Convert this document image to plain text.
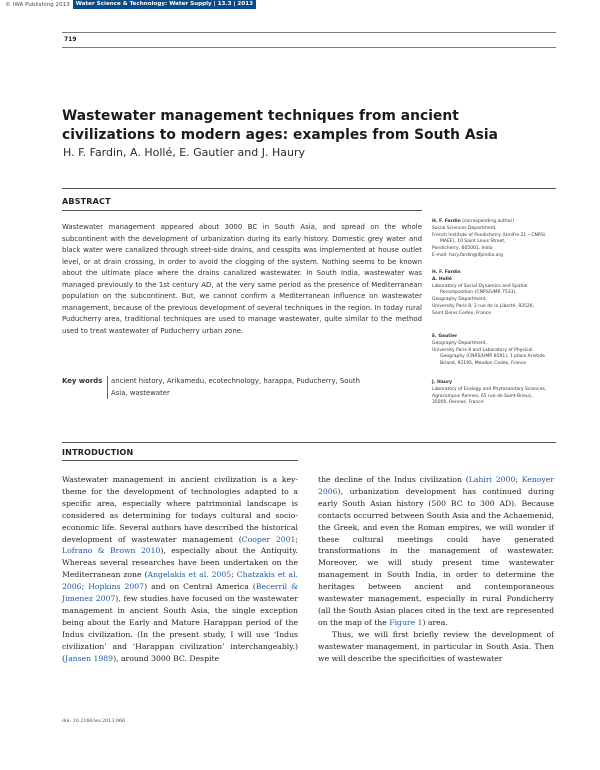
719
© IWA Publishing 2013	Water Science & Technology: Water Supply | 13.3 | 2013
Wastewater management techniques from ancient
civilizations to modern ages: examples from South Asia
H. F. Fardin, A. Hollé, E. Gautier and J. Haury
ABSTRACT
Wastewater management appeared about 3000 BC in South Asia, and spread on the whole subcontinent with the development of urbanization during its early history. Domestic grey water and black water were canalized through street-side drains, and cesspits was implemented at house outlet level, or at drain crossing, in order to avoid the clogging of the system. Nothing seems to be known about the ultimate place where the drains canalized wastewater. In South India, wastewater was managed previously to the 1st century AD, at the very same period as the presence of Mediterranean population on the subcontinent. But, we cannot confirm a Mediterranean influence on wastewater management, because of the previous development of several techniques in the region. In today rural Puducherry area, traditional techniques are used to manage wastewater, quite similar to the method used to treat wastewater of Puducherry urban zone.
Key words	ancient history, Arikamedu, ecotechnology, harappa, Puducherry, South Asia, wastewater
H. F. Fardin (corresponding author)
Social Sciences Department,
French Institute of Pondicherry (Umifre 21 – CNRS/
MAEE), 10 Saint Louis Street,
Pondicherry, 605001, India
E-mail: hary.fardin@ifpindia.org
H. F. Fardin
A. Hollé
Laboratory of Social Dynamics and Spatial
Recomposition (CNRS/UMR 7533),
Geography Department,
University Paris 8, 2 rue de la Liberté, 93526,
Saint Denis Cedex, France
E. Gautier
Geography Department,
University Paris 8 and Laboratory of Physical
Geography (CNRS/UMR 8591), 1 place Aristide
Briand, 92195, Meudon Cedex, France
J. Haury
Laboratory of Ecology and Phytosanitary Sciences,
Agrocampus Rennes, 65 rue de Saint-Brieuc,
35000, Rennes, France
INTRODUCTION
Wastewater management in ancient civilization is a key-theme for the development of technologies adapted to a specific area, especially where patrimonial landscape is considered as determining for todays cultural and socio-economic life. Several authors have described the historical development of wastewater management (Cooper 2001; Lofrano & Brown 2010), especially about the Antiquity. Whereas several researches have been undertaken on the Mediterranean zone (Angelakis et al. 2005; Chatzakis et al. 2006; Hopkins 2007) and on Central America (Becerril & Jimenez 2007), few studies have focused on the wastewater management in ancient South Asia, the single exception being about the Early and Mature Harappan period of the Indus civilization. (In the present study, I will use ‘Indus civilization’ and ‘Harappan civilization’ interchangeably.) (Jansen 1989), around 3000 BC. Despite
the decline of the Indus civilization (Lahiri 2000; Kenoyer 2006), urbanization development has continued during early South Asian history (500 BC to 300 AD). Because contacts occurred between South Asia and the Achaemenid, the Greek, and even the Roman empires, we will wonder if these cultural meetings could have generated transformations in the management of wastewater. Moreover, we will study present time wastewater management in South India, in order to determine the heritages between ancient and contemporaneous wastewater management, especially in rural Pondicherry (all the South Asian places cited in the text are represented on the map of the Figure 1) area.
Thus, we will first briefly review the development of wastewater management, in particular in South Asia. Then we will describe the specificities of wastewater
doi: 10.2166/ws.2013.066
